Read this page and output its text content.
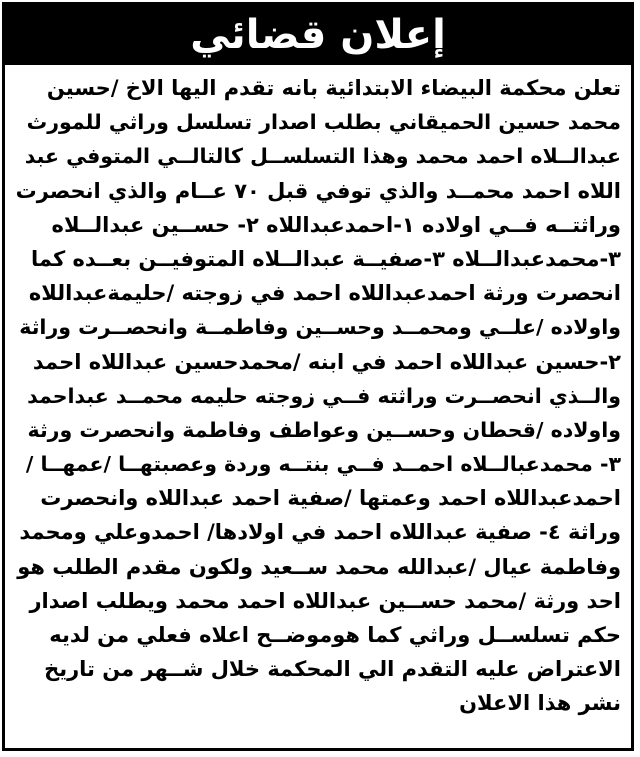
إعلان قضائي
تعلن محكمة البيضاء الابتدائية بانه تقدم اليها الاخ /حسين
محمد حسين الحميقاني بطلب اصدار تسلسل وراثي للمورث
عبدالــلاه احمد محمد وهذا التسلســل كالتالــي المتوفي عبد
اللاه احمد محمــد والذي توفي قبل ٧٠ عــام والذي انحصرت
وراثتــه فــي اولاده ١-احمدعبداللاه ٢- حســين عبدالــلاه
٣-محمدعبدالــلاه ٣-صفيــة عبدالــلاه المتوفيــن بعــده كما
انحصرت ورثة احمدعبداللاه احمد في زوجته /حليمةعبداللاه
واولاده /علــي ومحمــد وحســين وفاطمــة وانحصــرت وراثة
٢-حسين عبداللاه احمد في ابنه /محمدحسين عبداللاه احمد
والــذي انحصــرت وراثته فــي زوجته حليمه محمــد عبداحمد
واولاده /قحطان وحســين وعواطف وفاطمة وانحصرت ورثة
٣- محمدعبالــلاه احمــد فــي بنتــه وردة وعصبتهــا /عمهــا /
احمدعبداللاه احمد وعمتها /صفية احمد عبداللاه وانحصرت
وراثة ٤- صفية عبداللاه احمد في اولادها/ احمدوعلي ومحمد
وفاطمة عيال /عبدالله محمد ســعيد ولكون مقدم الطلب هو
احد ورثة /محمد حســين عبداللاه احمد محمد ويطلب اصدار
حكم تسلســل وراثي كما هوموضــح اعلاه فعلي من لديه
الاعتراض عليه التقدم الي المحكمة خلال شــهر من تاريخ
نشر هذا الاعلان
